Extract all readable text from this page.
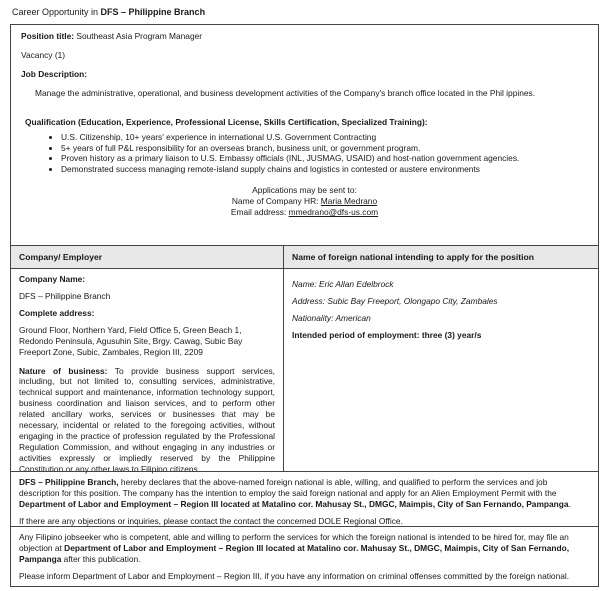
Career Opportunity in DFS – Philippine Branch

Position title: Southeast Asia Program Manager

Vacancy (1)

Job Description:

Manage the administrative, operational, and business development activities of the Company's branch office located in the Phil ippines.

Qualification (Education, Experience, Professional License, Skills Certification, Specialized Training):

• U.S. Citizenship, 10+ years' experience in international U.S. Government Contracting
• 5+ years of full P&L responsibility for an overseas branch, business unit, or government program.
• Proven history as a primary liaison to U.S. Embassy officials (INL, JUSMAG, USAID) and host-nation government agencies.
• Demonstrated success managing remote-island supply chains and logistics in contested or austere environments

Applications may be sent to:

Name of Company HR: Maria Medrano

Email address: mmedrano@dfs-us.com

Company/ Employer	Name of foreign national intending to apply for the position

Company Name:

DFS – Philippine Branch

Complete address:

Ground Floor, Northern Yard, Field Office 5, Green Beach 1, Redondo Peninsula, Agusuhin Site, Brgy. Cawag, Subic Bay Freeport Zone, Subic, Zambales, Region III, 2209

Nature of business: To provide business support services, including, but not limited to, consulting services, administrative, technical support and maintenance, information technology support, business coordination and liaison services, and to perform other related ancillary works, services or businesses that may be necessary, incidental or related to the foregoing activities, without engaging in the practice of profession regulated by the Professional Regulation Commission, and without engaging in any industries or activities expressly or impliedly reserved by the Philippine Constitution or any other laws to Filipino citizens.

Name: Eric Allan Edelbrock

Address: Subic Bay Freeport, Olongapo City, Zambales

Nationality: American

Intended period of employment: three (3) year/s

DFS – Philippine Branch, hereby declares that the above-named foreign national is able, willing, and qualified to perform the services and job description for this position. The company has the intention to employ the said foreign national and apply for an Alien Employment Permit with the Department of Labor and Employment – Region III located at Matalino cor. Mahusay St., DMGC, Maimpis, City of San Fernando, Pampanga.

If there are any objections or inquiries, please contact the contact the concerned DOLE Regional Office.

Any Filipino jobseeker who is competent, able and willing to perform the services for which the foreign national is intended to be hired for, may file an objection at Department of Labor and Employment – Region III located at Matalino cor. Mahusay St., DMGC, Maimpis, City of San Fernando, Pampanga after this publication.

Please inform Department of Labor and Employment – Region III, if you have any information on criminal offenses committed by the foreign national.
